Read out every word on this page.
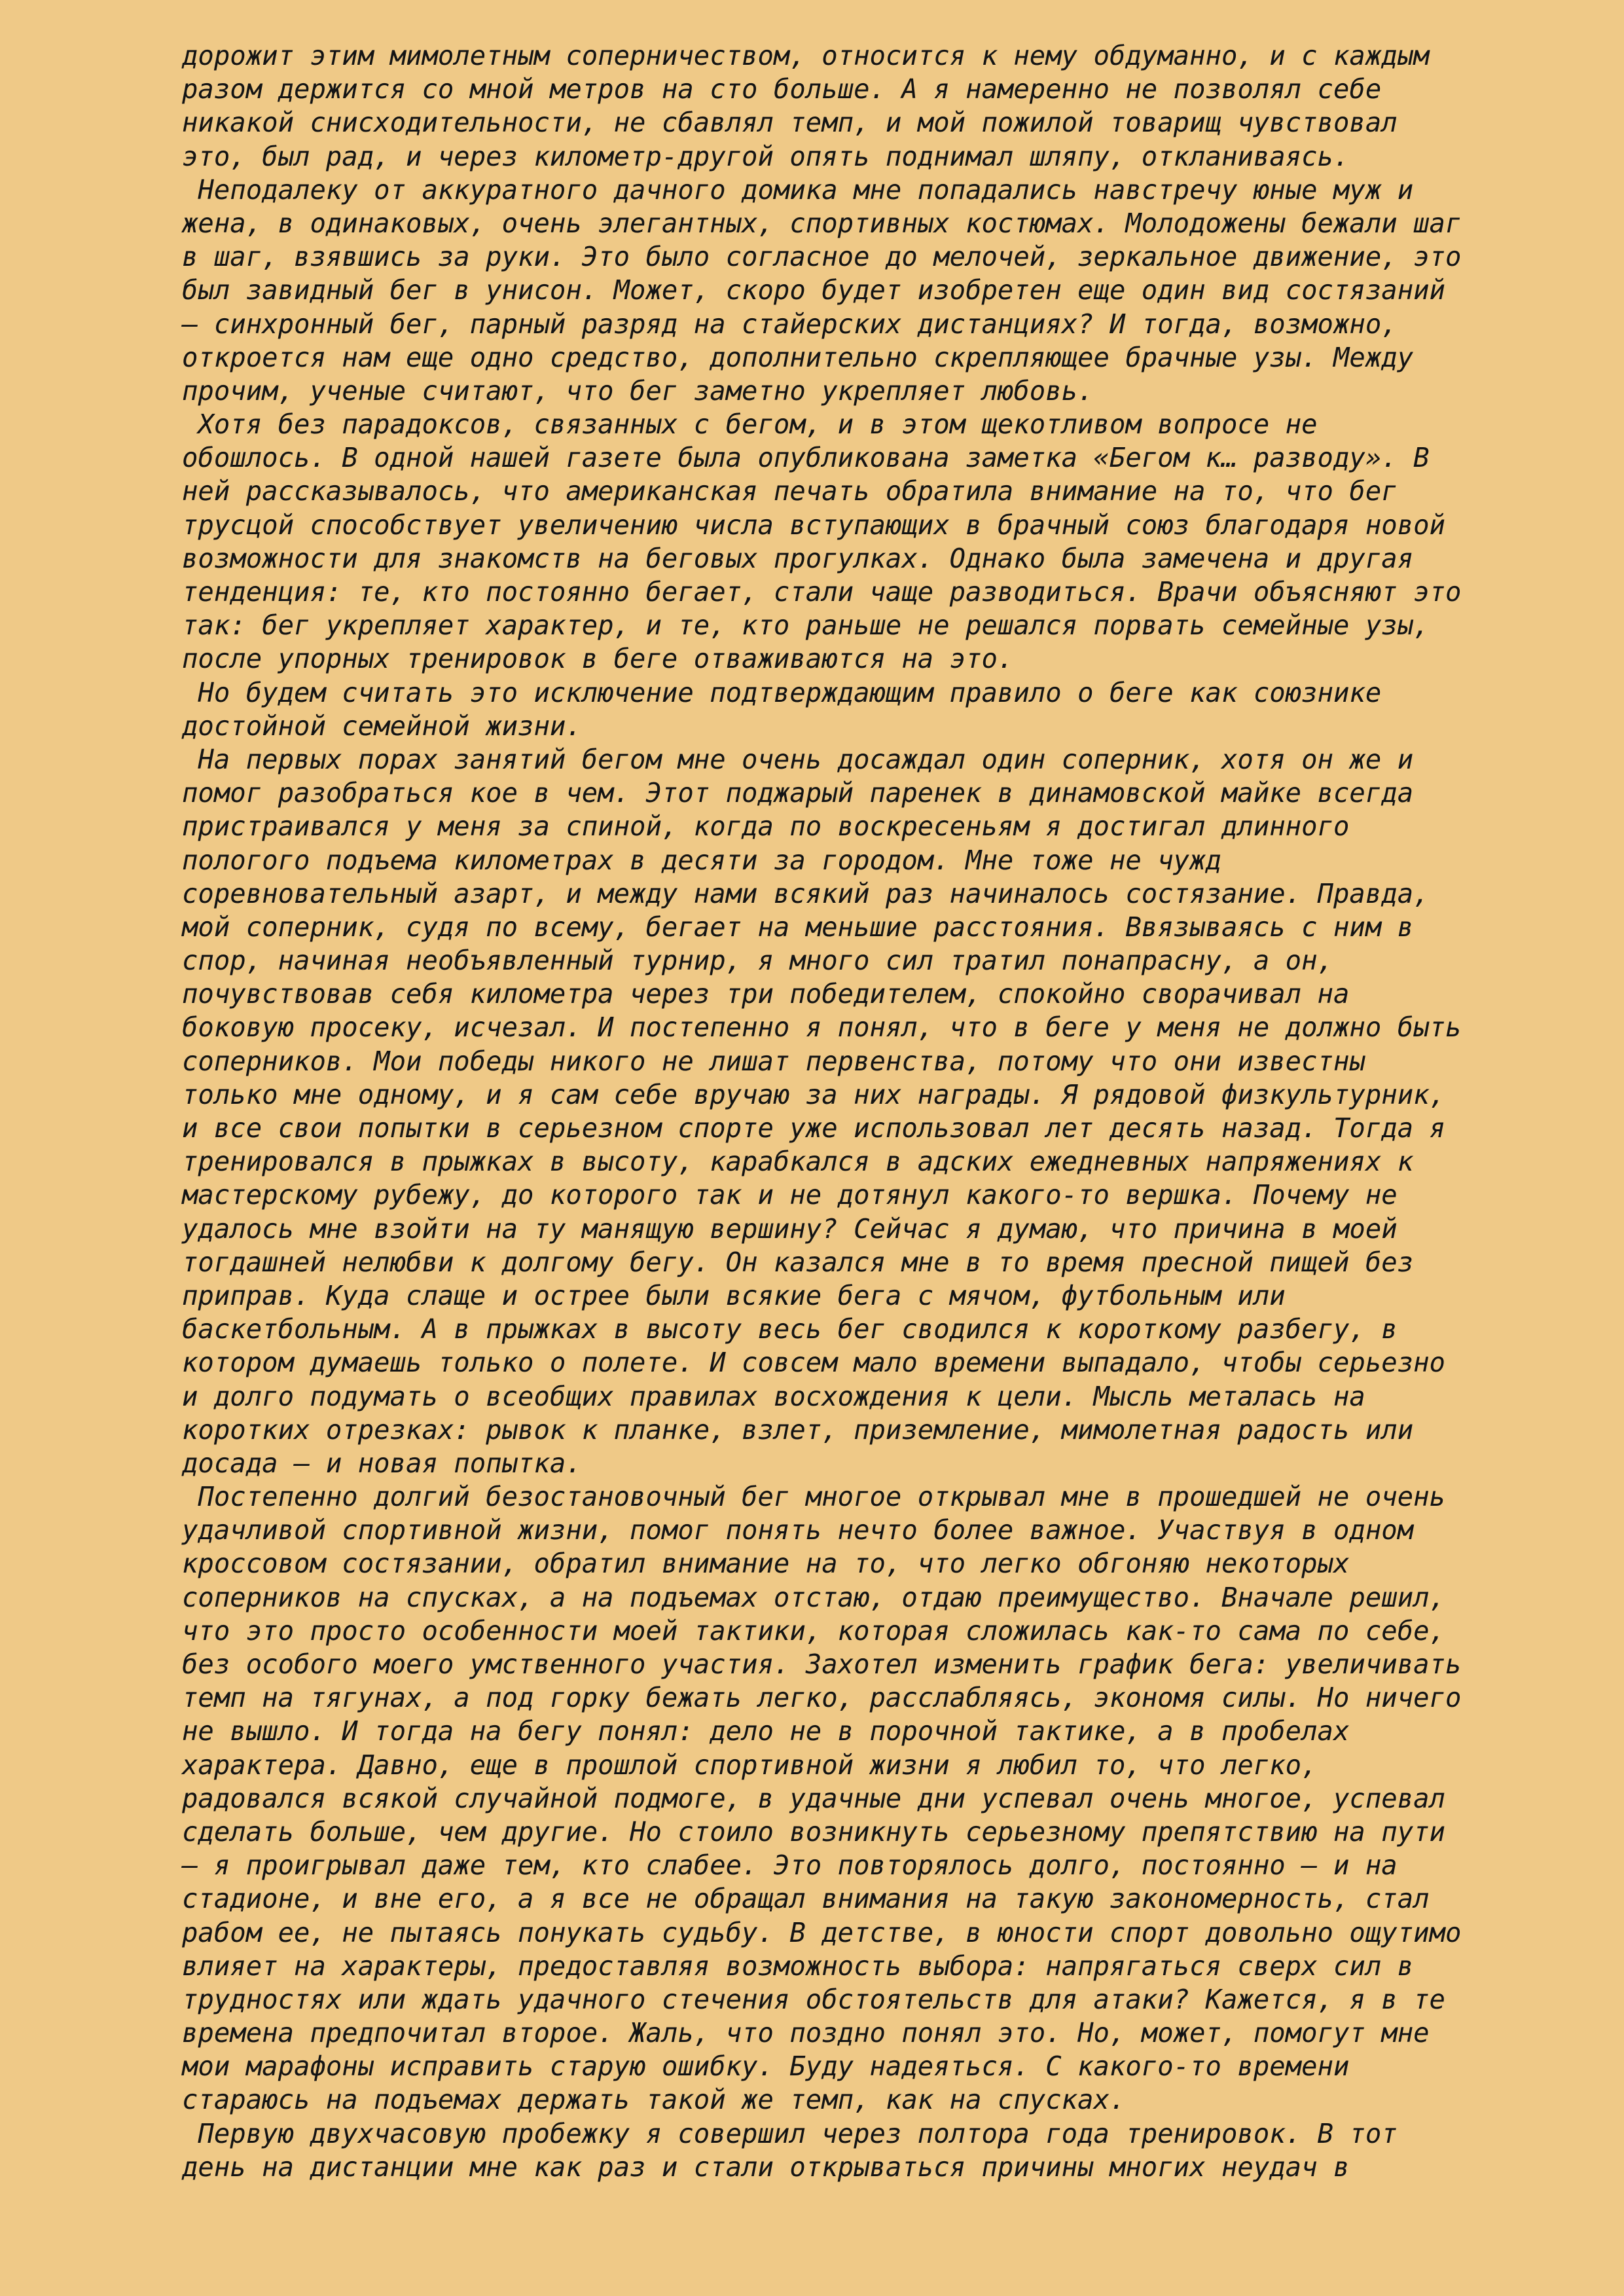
дорожит этим мимолетным соперничеством, относится к нему обдуманно, и с каждым
разом держится со мной метров на сто больше. А я намеренно не позволял себе
никакой снисходительности, не сбавлял темп, и мой пожилой товарищ чувствовал
это, был рад, и через километр-другой опять поднимал шляпу, откланиваясь.
Неподалеку от аккуратного дачного домика мне попадались навстречу юные муж и
жена, в одинаковых, очень элегантных, спортивных костюмах. Молодожены бежали шаг
в шаг, взявшись за руки. Это было согласное до мелочей, зеркальное движение, это
был завидный бег в унисон. Может, скоро будет изобретен еще один вид состязаний
– синхронный бег, парный разряд на стайерских дистанциях? И тогда, возможно,
откроется нам еще одно средство, дополнительно скрепляющее брачные узы. Между
прочим, ученые считают, что бег заметно укрепляет любовь.
Хотя без парадоксов, связанных с бегом, и в этом щекотливом вопросе не
обошлось. В одной нашей газете была опубликована заметка «Бегом к… разводу». В
ней рассказывалось, что американская печать обратила внимание на то, что бег
трусцой способствует увеличению числа вступающих в брачный союз благодаря новой
возможности для знакомств на беговых прогулках. Однако была замечена и другая
тенденция: те, кто постоянно бегает, стали чаще разводиться. Врачи объясняют это
так: бег укрепляет характер, и те, кто раньше не решался порвать семейные узы,
после упорных тренировок в беге отваживаются на это.
Но будем считать это исключение подтверждающим правило о беге как союзнике
достойной семейной жизни.
На первых порах занятий бегом мне очень досаждал один соперник, хотя он же и
помог разобраться кое в чем. Этот поджарый паренек в динамовской майке всегда
пристраивался у меня за спиной, когда по воскресеньям я достигал длинного
пологого подъема километрах в десяти за городом. Мне тоже не чужд
соревновательный азарт, и между нами всякий раз начиналось состязание. Правда,
мой соперник, судя по всему, бегает на меньшие расстояния. Ввязываясь с ним в
спор, начиная необъявленный турнир, я много сил тратил понапрасну, а он,
почувствовав себя километра через три победителем, спокойно сворачивал на
боковую просеку, исчезал. И постепенно я понял, что в беге у меня не должно быть
соперников. Мои победы никого не лишат первенства, потому что они известны
только мне одному, и я сам себе вручаю за них награды. Я рядовой физкультурник,
и все свои попытки в серьезном спорте уже использовал лет десять назад. Тогда я
тренировался в прыжках в высоту, карабкался в адских ежедневных напряжениях к
мастерскому рубежу, до которого так и не дотянул какого-то вершка. Почему не
удалось мне взойти на ту манящую вершину? Сейчас я думаю, что причина в моей
тогдашней нелюбви к долгому бегу. Он казался мне в то время пресной пищей без
приправ. Куда слаще и острее были всякие бега с мячом, футбольным или
баскетбольным. А в прыжках в высоту весь бег сводился к короткому разбегу, в
котором думаешь только о полете. И совсем мало времени выпадало, чтобы серьезно
и долго подумать о всеобщих правилах восхождения к цели. Мысль металась на
коротких отрезках: рывок к планке, взлет, приземление, мимолетная радость или
досада – и новая попытка.
Постепенно долгий безостановочный бег многое открывал мне в прошедшей не очень
удачливой спортивной жизни, помог понять нечто более важное. Участвуя в одном
кроссовом состязании, обратил внимание на то, что легко обгоняю некоторых
соперников на спусках, а на подъемах отстаю, отдаю преимущество. Вначале решил,
что это просто особенности моей тактики, которая сложилась как-то сама по себе,
без особого моего умственного участия. Захотел изменить график бега: увеличивать
темп на тягунах, а под горку бежать легко, расслабляясь, экономя силы. Но ничего
не вышло. И тогда на бегу понял: дело не в порочной тактике, а в пробелах
характера. Давно, еще в прошлой спортивной жизни я любил то, что легко,
радовался всякой случайной подмоге, в удачные дни успевал очень многое, успевал
сделать больше, чем другие. Но стоило возникнуть серьезному препятствию на пути
– я проигрывал даже тем, кто слабее. Это повторялось долго, постоянно – и на
стадионе, и вне его, а я все не обращал внимания на такую закономерность, стал
рабом ее, не пытаясь понукать судьбу. В детстве, в юности спорт довольно ощутимо
влияет на характеры, предоставляя возможность выбора: напрягаться сверх сил в
трудностях или ждать удачного стечения обстоятельств для атаки? Кажется, я в те
времена предпочитал второе. Жаль, что поздно понял это. Но, может, помогут мне
мои марафоны исправить старую ошибку. Буду надеяться. С какого-то времени
стараюсь на подъемах держать такой же темп, как на спусках.
Первую двухчасовую пробежку я совершил через полтора года тренировок. В тот
день на дистанции мне как раз и стали открываться причины многих неудач в
